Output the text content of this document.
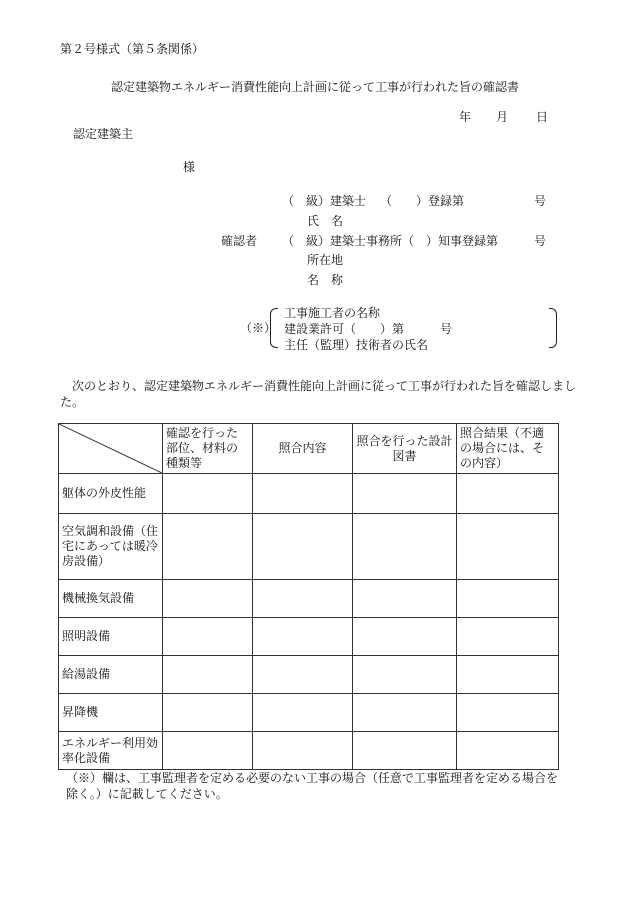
第２号様式（第５条関係）
認定建築物エネルギー消費性能向上計画に従って工事が行われた旨の確認書
年 月 日
認定建築主
様
（　級）建築士 （　　）登録第	号
氏　名
確認者 （　級）建築士事務所（　）知事登録第	号
所在地
名　称
（※）
工事施工者の名称
建設業許可（　　）第　　　号
主任（監理）技術者の氏名
次のとおり、認定建築物エネルギー消費性能向上計画に従って工事が行われた旨を確認しました。
	確認を行った部位、材料の種類等	照合内容	照合を行った設計図書	照合結果（不適の場合には、その内容）
躯体の外皮性能				
空気調和設備（住宅にあっては暖冷房設備）				
機械換気設備				
照明設備				
給湯設備				
昇降機				
エネルギー利用効率化設備				
（※）欄は、工事監理者を定める必要のない工事の場合（任意で工事監理者を定める場合を除く。）に記載してください。
